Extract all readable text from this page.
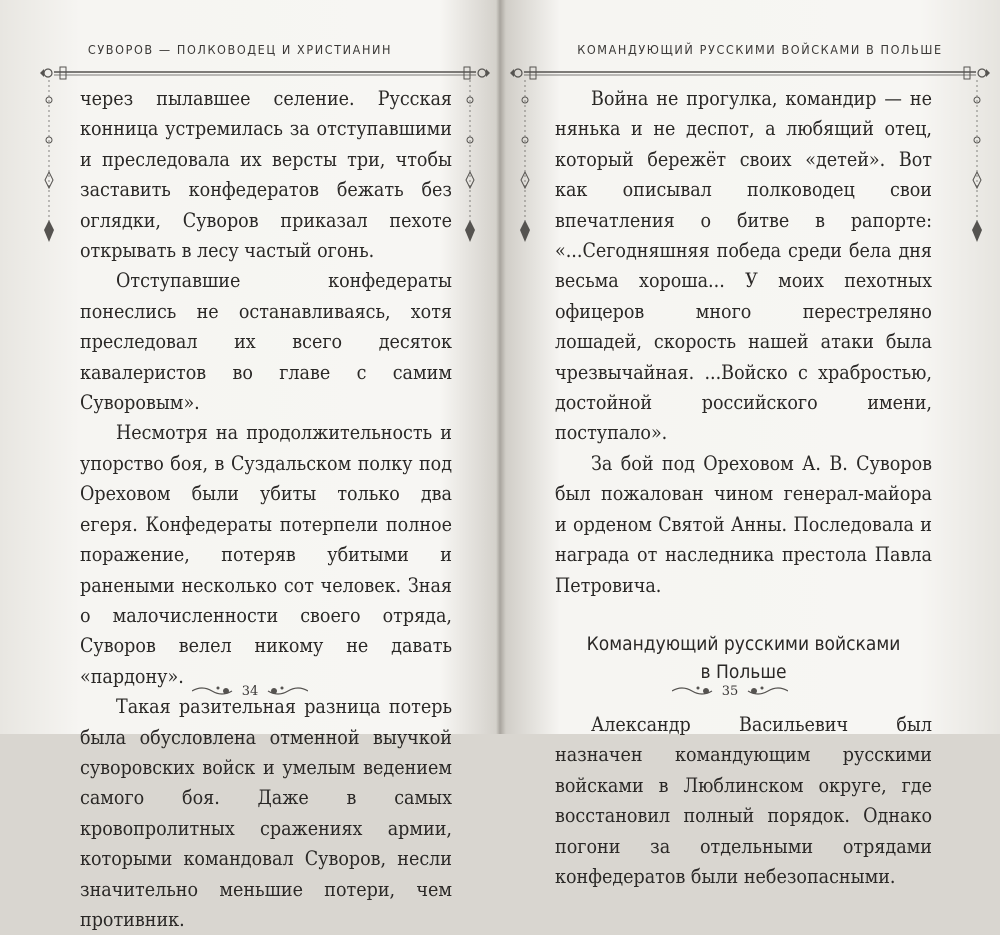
СУВОРОВ — ПОЛКОВОДЕЦ И ХРИСТИАНИН

через пылавшее селение. Русская конница устремилась за отступавшими и преследовала их версты три, чтобы заставить конфедератов бежать без оглядки, Суворов приказал пехоте открывать в лесу частый огонь.

Отступавшие конфедераты понеслись не останавливаясь, хотя преследовал их всего десяток кавалеристов во главе с самим Суворовым».

Несмотря на продолжительность и упорство боя, в Суздальском полку под Ореховом были убиты только два егеря. Конфедераты потерпели полное поражение, потеряв убитыми и ранеными несколько сот человек. Зная о малочисленности своего отряда, Суворов велел никому не давать «пардону».

Такая разительная разница потерь была обусловлена отменной выучкой суворовских войск и умелым ведением самого боя. Даже в самых кровопролитных сражениях армии, которыми командовал Суворов, несли значительно меньшие потери, чем противник.

34
КОМАНДУЮЩИЙ РУССКИМИ ВОЙСКАМИ В ПОЛЬШЕ

Война не прогулка, командир — не нянька и не деспот, а любящий отец, который бережёт своих «детей». Вот как описывал полководец свои впечатления о битве в рапорте: «...Сегодняшняя победа среди бела дня весьма хороша... У моих пехотных офицеров много перестреляно лошадей, скорость нашей атаки была чрезвычайная. ...Войско с храбростью, достойной российского имени, поступало».

За бой под Ореховом А. В. Суворов был пожалован чином генерал-майора и орденом Святой Анны. Последовала и награда от наследника престола Павла Петровича.

Командующий русскими войсками
в Польше

Александр Васильевич был назначен командующим русскими войсками в Люблинском округе, где восстановил полный порядок. Однако погони за отдельными отрядами конфедератов были небезопасными.

35
